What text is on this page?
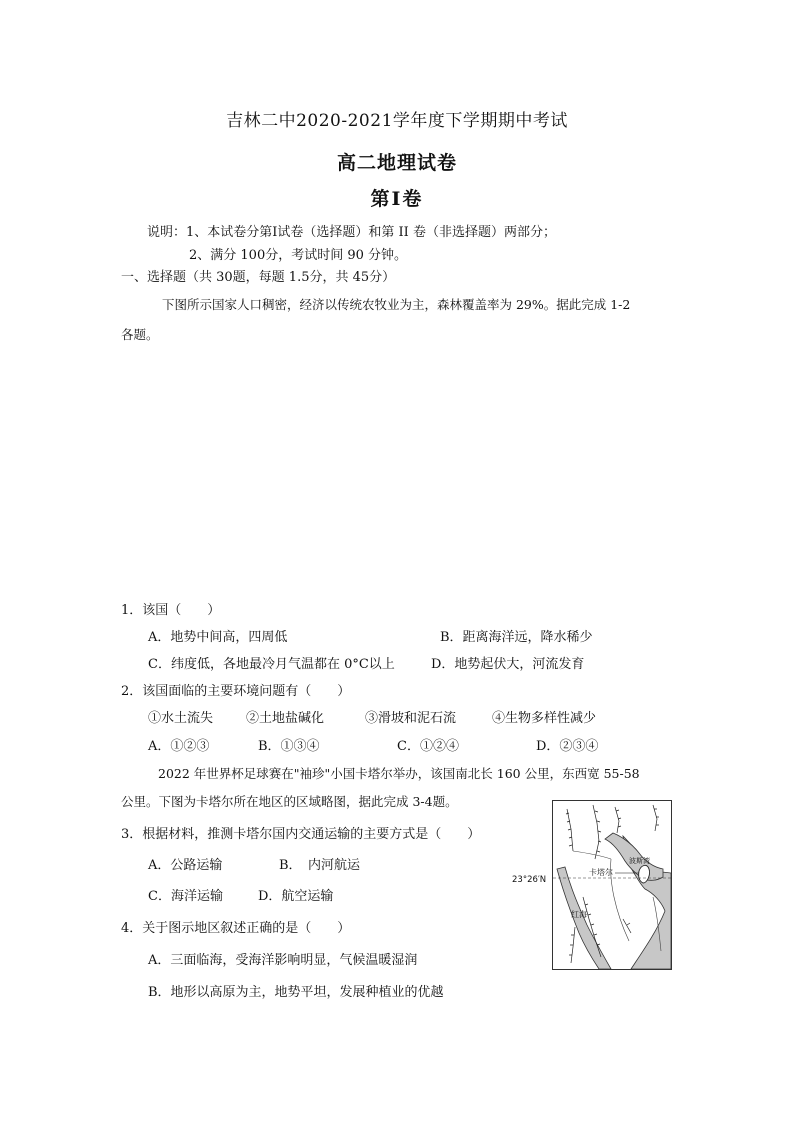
吉林二中2020-2021学年度下学期期中考试
高二地理试卷
第Ⅰ卷
说明：1、本试卷分第Ⅰ试卷（选择题）和第 II 卷（非选择题）两部分；
2、满分 100分，考试时间 90 分钟。
一、选择题（共 30题，每题 1.5分，共 45分）
下图所示国家人口稠密，经济以传统农牧业为主，森林覆盖率为 29%。据此完成 1-2
各题。
1．该国（　　）
A．地势中间高，四周低	B．距离海洋远，降水稀少
C．纬度低，各地最冷月气温都在 0°C以上	D．地势起伏大，河流发育
2．该国面临的主要环境问题有（　　）
①水土流失	②土地盐碱化	③滑坡和泥石流	④生物多样性减少
A．①②③	B．①③④	C．①②④	D．②③④
2022 年世界杯足球赛在"袖珍"小国卡塔尔举办，该国南北长 160 公里，东西宽 55-58
公里。下图为卡塔尔所在地区的区域略图，据此完成 3-4题。
3．根据材料，推测卡塔尔国内交通运输的主要方式是（　　）
A．公路运输	B．　内河航运
C．海洋运输	D．航空运输
4．关于图示地区叙述正确的是（　　）
A．三面临海，受海洋影响明显，气候温暖湿润
B．地形以高原为主，地势平坦，发展种植业的优越
23°26′N
波斯湾
卡塔尔
红海
